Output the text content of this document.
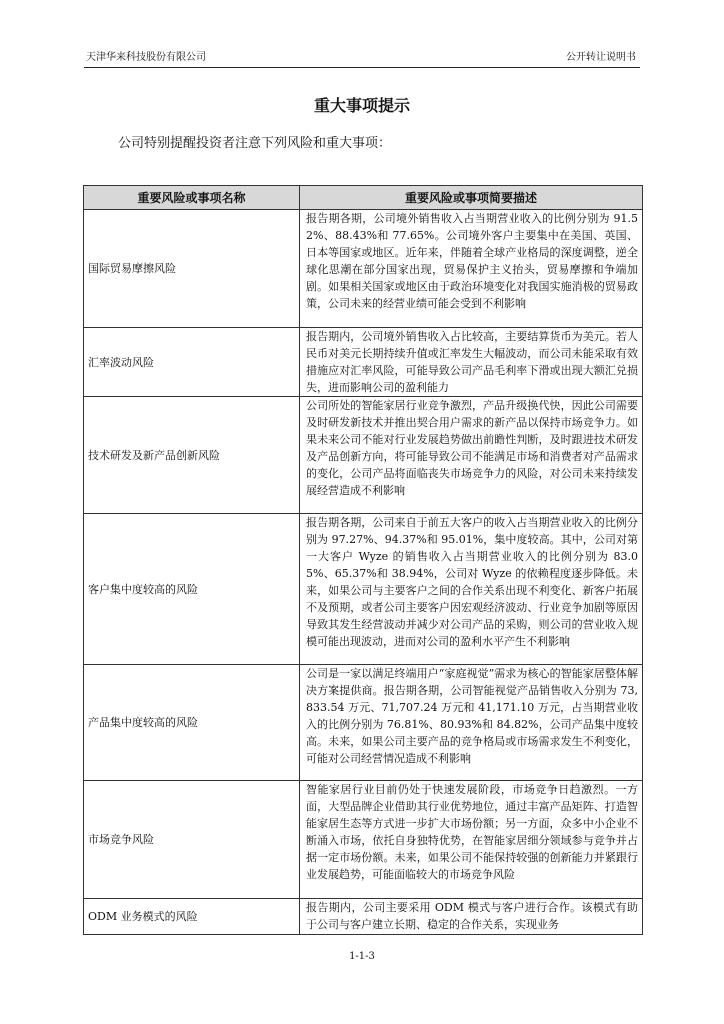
天津华来科技股份有限公司	公开转让说明书
重大事项提示
公司特别提醒投资者注意下列风险和重大事项：
重要风险或事项名称	重要风险或事项简要描述
国际贸易摩擦风险	报告期各期，公司境外销售收入占当期营业收入的比例分别为 91.52%、88.43%和 77.65%。公司境外客户主要集中在美国、英国、日本等国家或地区。近年来，伴随着全球产业格局的深度调整，逆全球化思潮在部分国家出现，贸易保护主义抬头，贸易摩擦和争端加剧。如果相关国家或地区由于政治环境变化对我国实施消极的贸易政策，公司未来的经营业绩可能会受到不利影响
汇率波动风险	报告期内，公司境外销售收入占比较高，主要结算货币为美元。若人民币对美元长期持续升值或汇率发生大幅波动，而公司未能采取有效措施应对汇率风险，可能导致公司产品毛利率下滑或出现大额汇兑损失，进而影响公司的盈利能力
技术研发及新产品创新风险	公司所处的智能家居行业竞争激烈，产品升级换代快，因此公司需要及时研发新技术并推出契合用户需求的新产品以保持市场竞争力。如果未来公司不能对行业发展趋势做出前瞻性判断，及时跟进技术研发及产品创新方向，将可能导致公司不能满足市场和消费者对产品需求的变化，公司产品将面临丧失市场竞争力的风险，对公司未来持续发展经营造成不利影响
客户集中度较高的风险	报告期各期，公司来自于前五大客户的收入占当期营业收入的比例分别为 97.27%、94.37%和 95.01%，集中度较高。其中，公司对第一大客户 Wyze 的销售收入占当期营业收入的比例分别为 83.05%、65.37%和 38.94%，公司对 Wyze 的依赖程度逐步降低。未来，如果公司与主要客户之间的合作关系出现不利变化、新客户拓展不及预期，或者公司主要客户因宏观经济波动、行业竞争加剧等原因导致其发生经营波动并减少对公司产品的采购，则公司的营业收入规模可能出现波动，进而对公司的盈利水平产生不利影响
产品集中度较高的风险	公司是一家以满足终端用户“家庭视觉”需求为核心的智能家居整体解决方案提供商。报告期各期，公司智能视觉产品销售收入分别为 73,833.54 万元、71,707.24 万元和 41,171.10 万元，占当期营业收入的比例分别为 76.81%、80.93%和 84.82%，公司产品集中度较高。未来，如果公司主要产品的竞争格局或市场需求发生不利变化，可能对公司经营情况造成不利影响
市场竞争风险	智能家居行业目前仍处于快速发展阶段，市场竞争日趋激烈。一方面，大型品牌企业借助其行业优势地位，通过丰富产品矩阵、打造智能家居生态等方式进一步扩大市场份额；另一方面，众多中小企业不断涌入市场，依托自身独特优势，在智能家居细分领域参与竞争并占据一定市场份额。未来，如果公司不能保持较强的创新能力并紧跟行业发展趋势，可能面临较大的市场竞争风险
ODM 业务模式的风险	报告期内，公司主要采用 ODM 模式与客户进行合作。该模式有助于公司与客户建立长期、稳定的合作关系，实现业务
1-1-3
